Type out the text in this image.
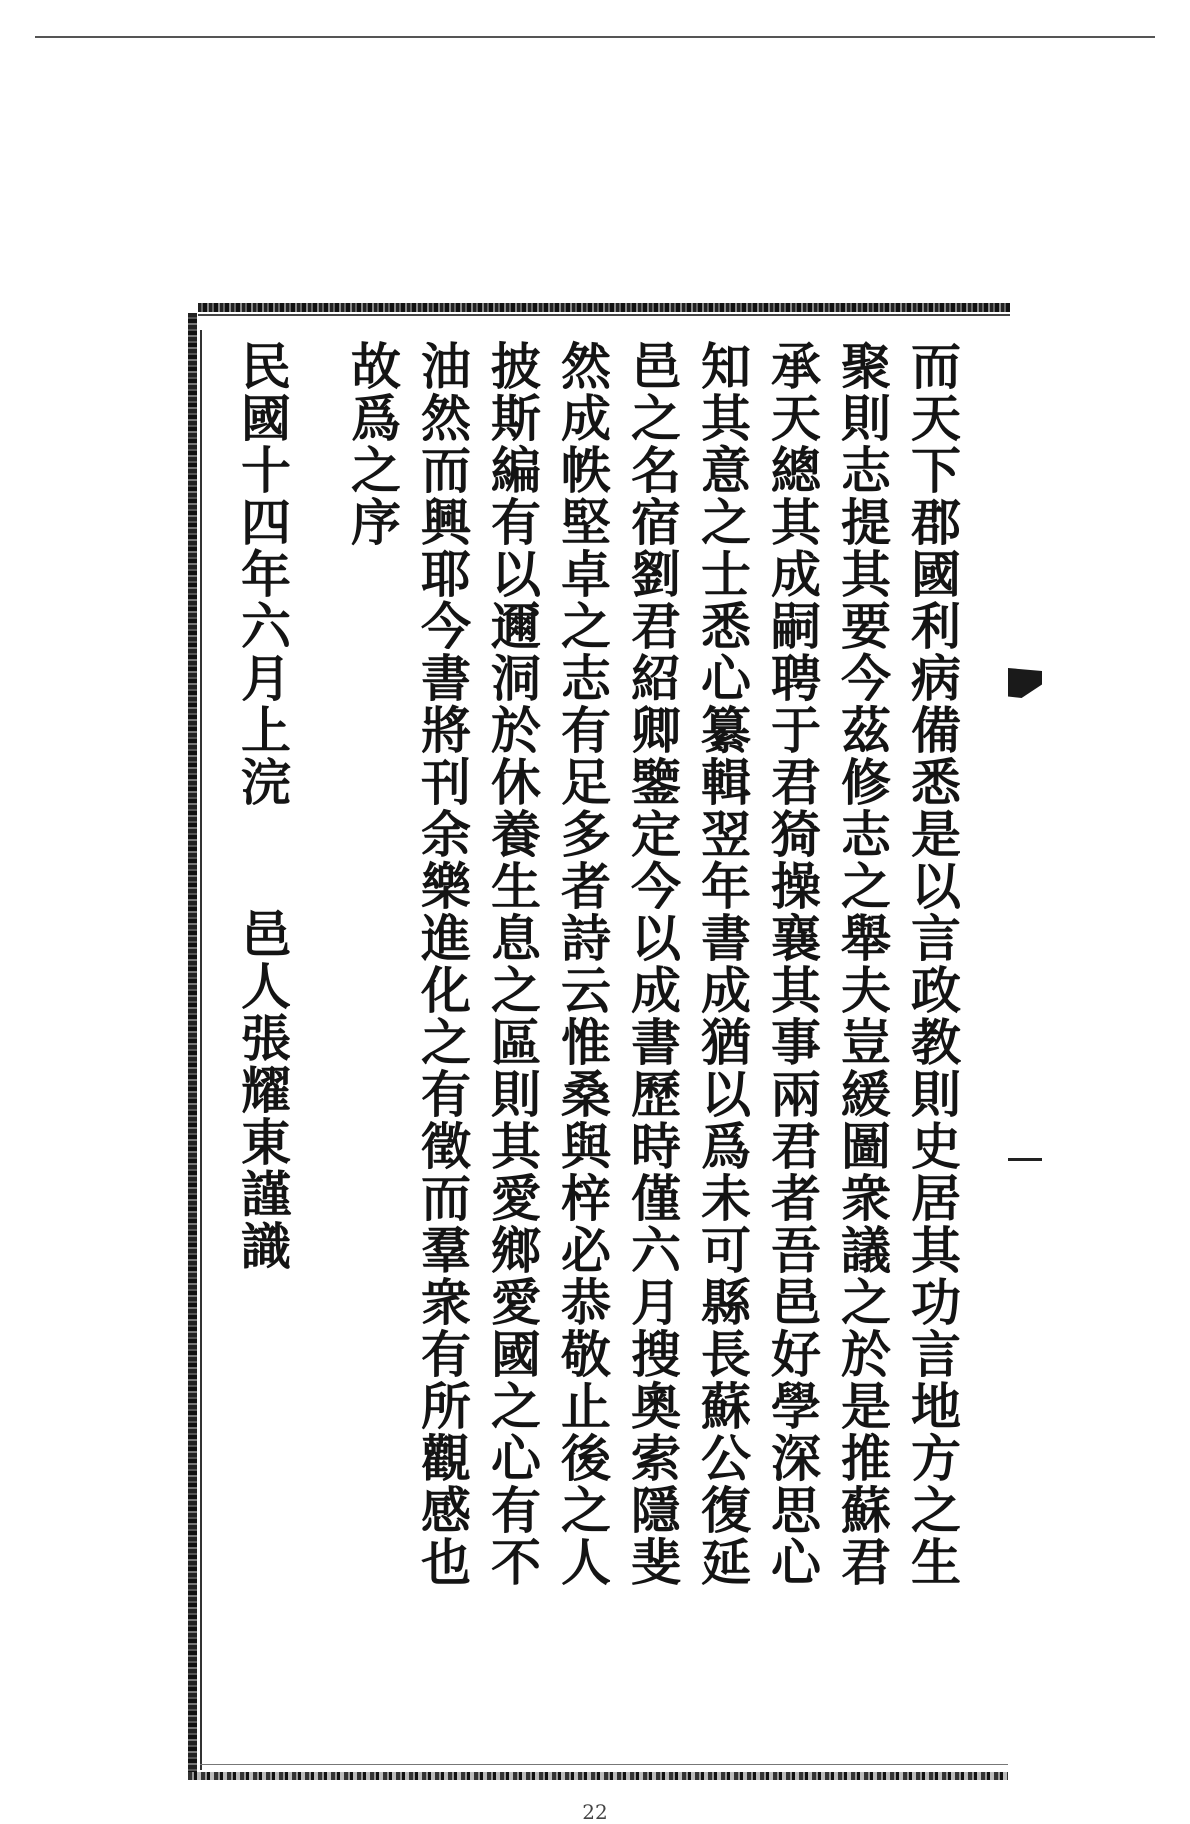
而天下郡國利病備悉是以言政教則史居其功言地方之生
聚則志提其要今茲修志之舉夫豈緩圖衆議之於是推蘇君
承天總其成嗣聘于君猗操襄其事兩君者吾邑好學深思心
知其意之士悉心纂輯翌年書成猶以爲未可縣長蘇公復延
邑之名宿劉君紹卿鑒定今以成書歷時僅六月搜奧索隱斐
然成帙堅卓之志有足多者詩云惟桑與梓必恭敬止後之人
披斯編有以邇洞於休養生息之區則其愛鄉愛國之心有不
油然而興耶今書將刊余樂進化之有徵而羣衆有所觀感也
故爲之序
民國十四年六月上浣邑人張耀東謹識
22
